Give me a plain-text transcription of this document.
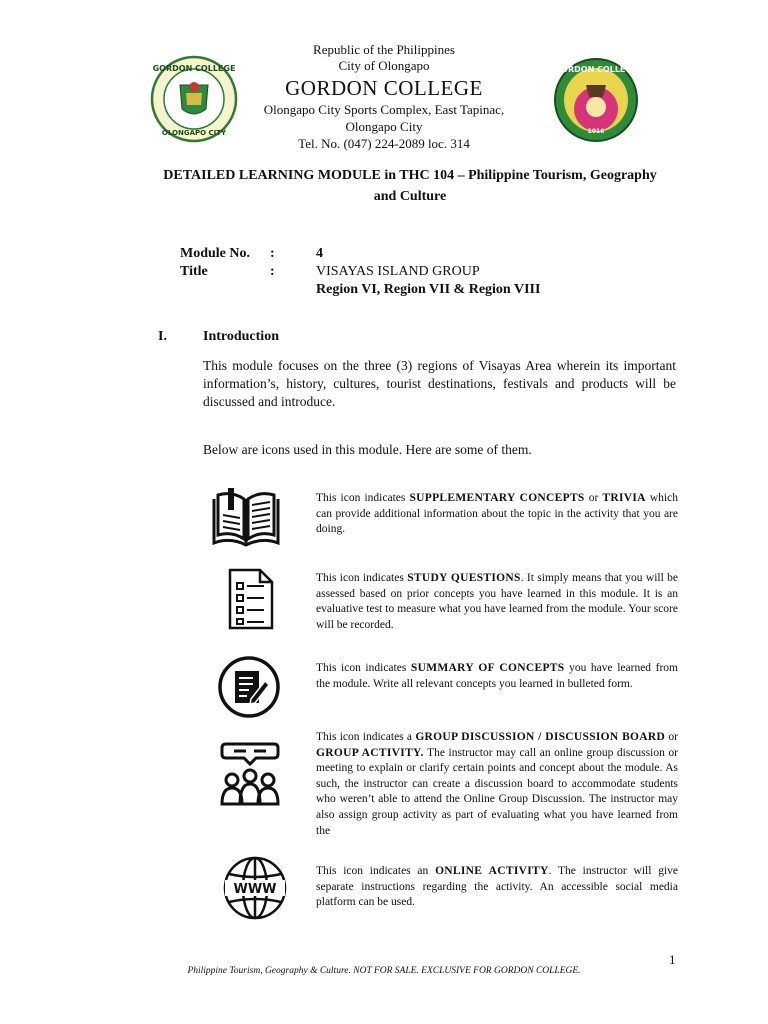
GORDON COLLEGE
OLONGAPO CITY
GORDON COLLEGE
2016
Republic of the Philippines
City of Olongapo
GORDON COLLEGE
Olongapo City Sports Complex, East Tapinac,
Olongapo City
Tel. No. (047) 224-2089 loc. 314
DETAILED LEARNING MODULE in THC 104 – Philippine Tourism, Geography
and Culture
Module No. :	4
Title	:	VISAYAS ISLAND GROUP
Region VI, Region VII & Region VIII
I.	Introduction
This module focuses on the three (3) regions of Visayas Area wherein its important information’s, history, cultures, tourist destinations, festivals and products will be discussed and introduce.
Below are icons used in this module. Here are some of them.
This icon indicates SUPPLEMENTARY CONCEPTS or TRIVIA which can provide additional information about the topic in the activity that you are doing.
This icon indicates STUDY QUESTIONS. It simply means that you will be assessed based on prior concepts you have learned in this module. It is an evaluative test to measure what you have learned from the module. Your score will be recorded.
This icon indicates SUMMARY OF CONCEPTS you have learned from the module. Write all relevant concepts you learned in bulleted form.
This icon indicates a GROUP DISCUSSION / DISCUSSION BOARD or GROUP ACTIVITY. The instructor may call an online group discussion or meeting to explain or clarify certain points and concept about the module. As such, the instructor can create a discussion board to accommodate students who weren’t able to attend the Online Group Discussion. The instructor may also assign group activity as part of evaluating what you have learned from the
WWW
This icon indicates an ONLINE ACTIVITY. The instructor will give separate instructions regarding the activity. An accessible social media platform can be used.
1
Philippine Tourism, Geography & Culture. NOT FOR SALE. EXCLUSIVE FOR GORDON COLLEGE.
